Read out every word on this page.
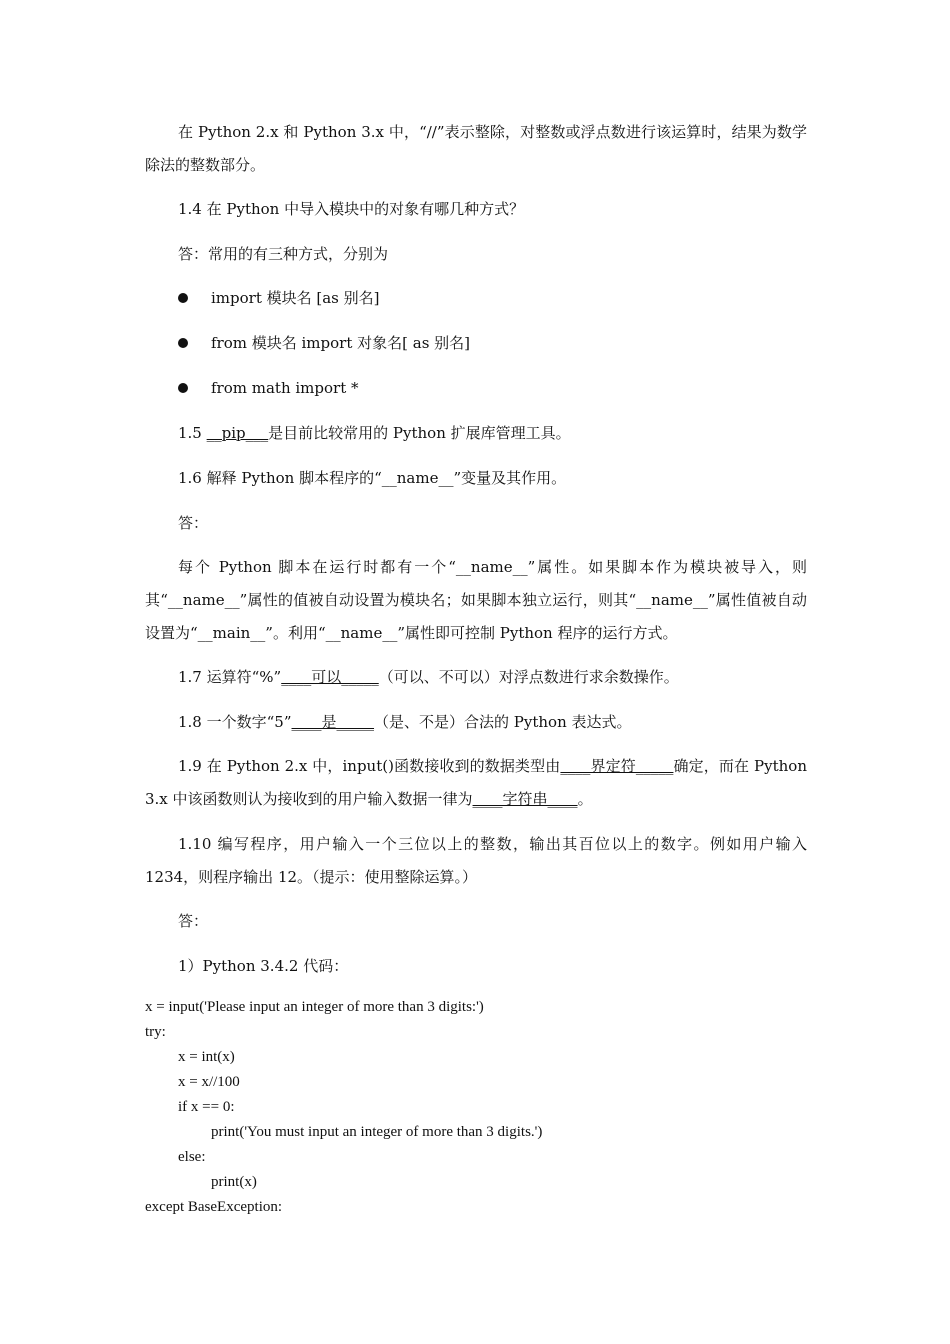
在 Python 2.x 和 Python 3.x 中，“//”表示整除，对整数或浮点数进行该运算时，结果为数学除法的整数部分。
1.4 在 Python 中导入模块中的对象有哪几种方式？
答：常用的有三种方式，分别为
import 模块名 [as 别名]
from 模块名 import 对象名[ as 别名]
from math import *
1.5 __pip___是目前比较常用的 Python 扩展库管理工具。
1.6 解释 Python 脚本程序的“__name__”变量及其作用。
答：
每个 Python 脚本在运行时都有一个“__name__”属性。如果脚本作为模块被导入，则其“__name__”属性的值被自动设置为模块名；如果脚本独立运行，则其“__name__”属性值被自动设置为“__main__”。利用“__name__”属性即可控制 Python 程序的运行方式。
1.7 运算符“%”____可以_____（可以、不可以）对浮点数进行求余数操作。
1.8 一个数字“5”____是_____（是、不是）合法的 Python 表达式。
1.9 在 Python 2.x 中，input()函数接收到的数据类型由____界定符_____确定，而在 Python 3.x 中该函数则认为接收到的用户输入数据一律为____字符串____。
1.10 编写程序，用户输入一个三位以上的整数，输出其百位以上的数字。例如用户输入 1234，则程序输出 12。（提示：使用整除运算。）
答：
1）Python 3.4.2 代码：
x = input('Please input an integer of more than 3 digits:')
try:
x = int(x)
x = x//100
if x == 0:
print('You must input an integer of more than 3 digits.')
else:
print(x)
except BaseException:
